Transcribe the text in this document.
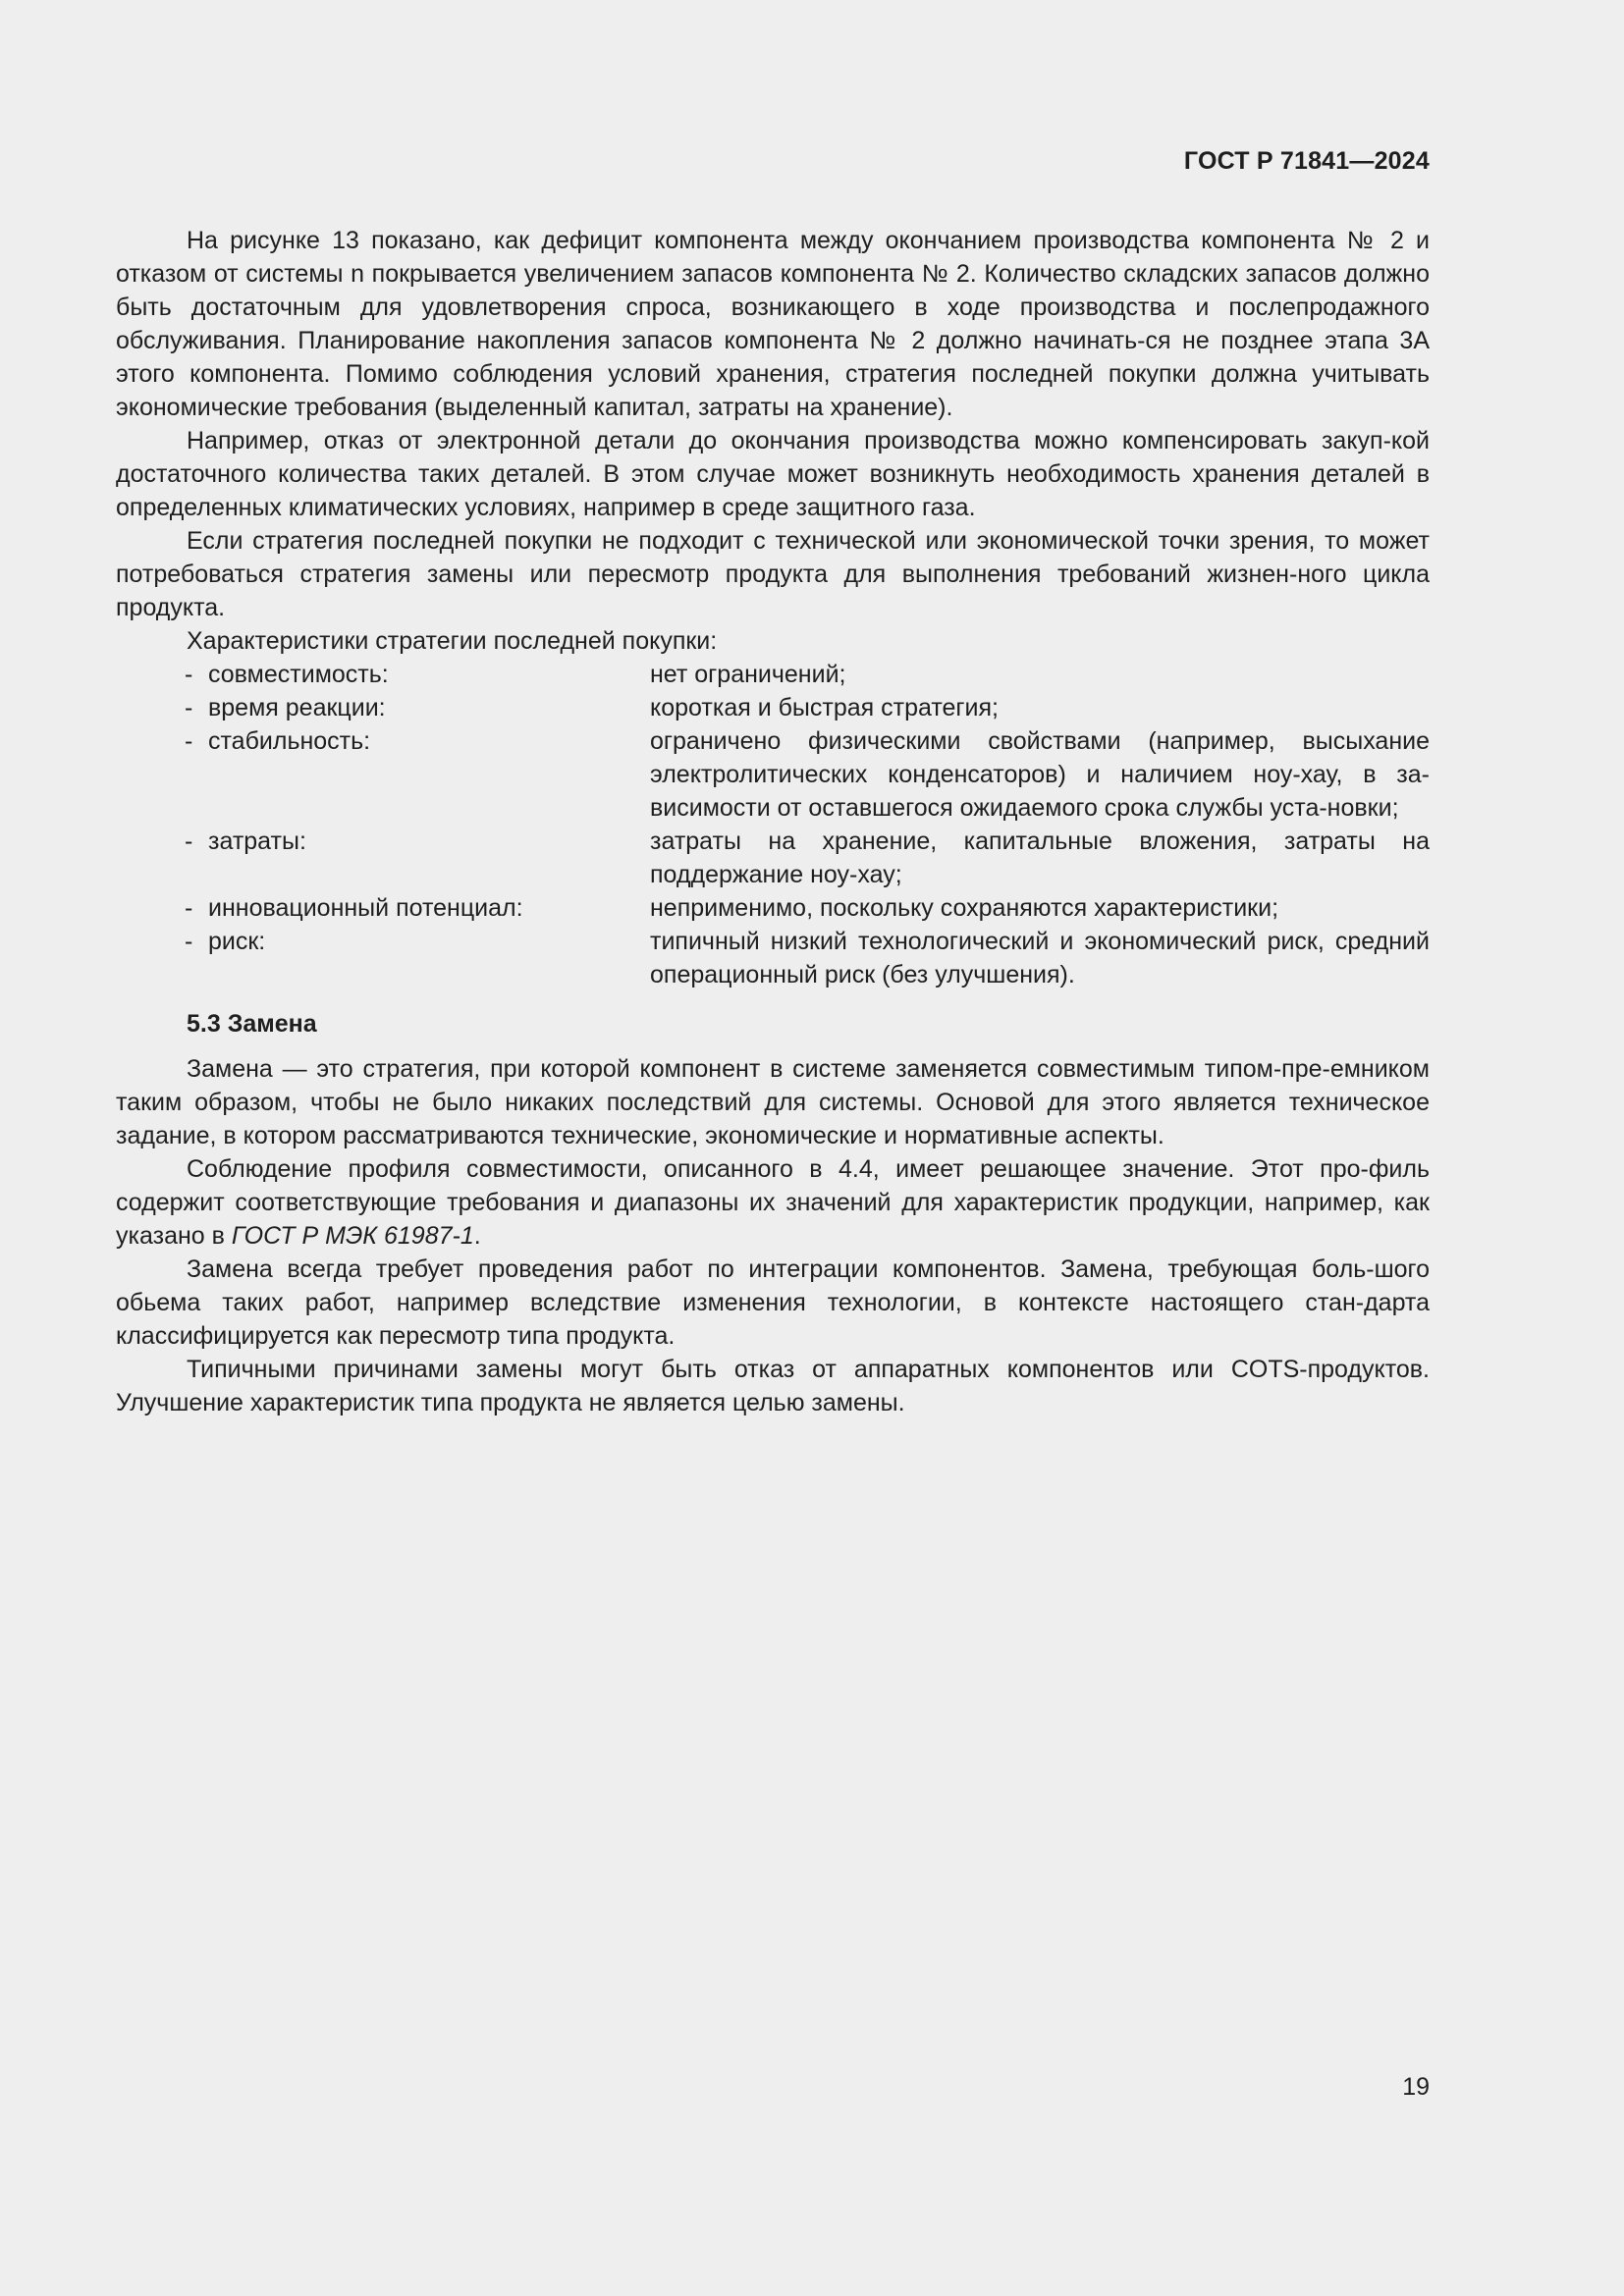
ГОСТ Р 71841—2024

На рисунке 13 показано, как дефицит компонента между окончанием производства компонента № 2 и отказом от системы n покрывается увеличением запасов компонента № 2. Количество складских запасов должно быть достаточным для удовлетворения спроса, возникающего в ходе производства и послепродажного обслуживания. Планирование накопления запасов компонента № 2 должно начинать-ся не позднее этапа 3А этого компонента. Помимо соблюдения условий хранения, стратегия последней покупки должна учитывать экономические требования (выделенный капитал, затраты на хранение).

Например, отказ от электронной детали до окончания производства можно компенсировать закуп-кой достаточного количества таких деталей. В этом случае может возникнуть необходимость хранения деталей в определенных климатических условиях, например в среде защитного газа.

Если стратегия последней покупки не подходит с технической или экономической точки зрения, то может потребоваться стратегия замены или пересмотр продукта для выполнения требований жизнен-ного цикла продукта.

Характеристики стратегии последней покупки:

- совместимость:	нет ограничений;
- время реакции:	короткая и быстрая стратегия;
- стабильность:	ограничено физическими свойствами (например, высыхание электролитических конденсаторов) и наличием ноу-хау, в за-висимости от оставшегося ожидаемого срока службы уста-новки;
- затраты:	затраты на хранение, капитальные вложения, затраты на поддержание ноу-хау;
- инновационный потенциал:	неприменимо, поскольку сохраняются характеристики;
- риск:	типичный низкий технологический и экономический риск, средний операционный риск (без улучшения).
5.3 Замена

Замена — это стратегия, при которой компонент в системе заменяется совместимым типом-пре-емником таким образом, чтобы не было никаких последствий для системы. Основой для этого является техническое задание, в котором рассматриваются технические, экономические и нормативные аспекты.

Соблюдение профиля совместимости, описанного в 4.4, имеет решающее значение. Этот про-филь содержит соответствующие требования и диапазоны их значений для характеристик продукции, например, как указано в ГОСТ Р МЭК 61987-1.

Замена всегда требует проведения работ по интеграции компонентов. Замена, требующая боль-шого обьема таких работ, например вследствие изменения технологии, в контексте настоящего стан-дарта классифицируется как пересмотр типа продукта.

Типичными причинами замены могут быть отказ от аппаратных компонентов или COTS-продуктов. Улучшение характеристик типа продукта не является целью замены.

19
